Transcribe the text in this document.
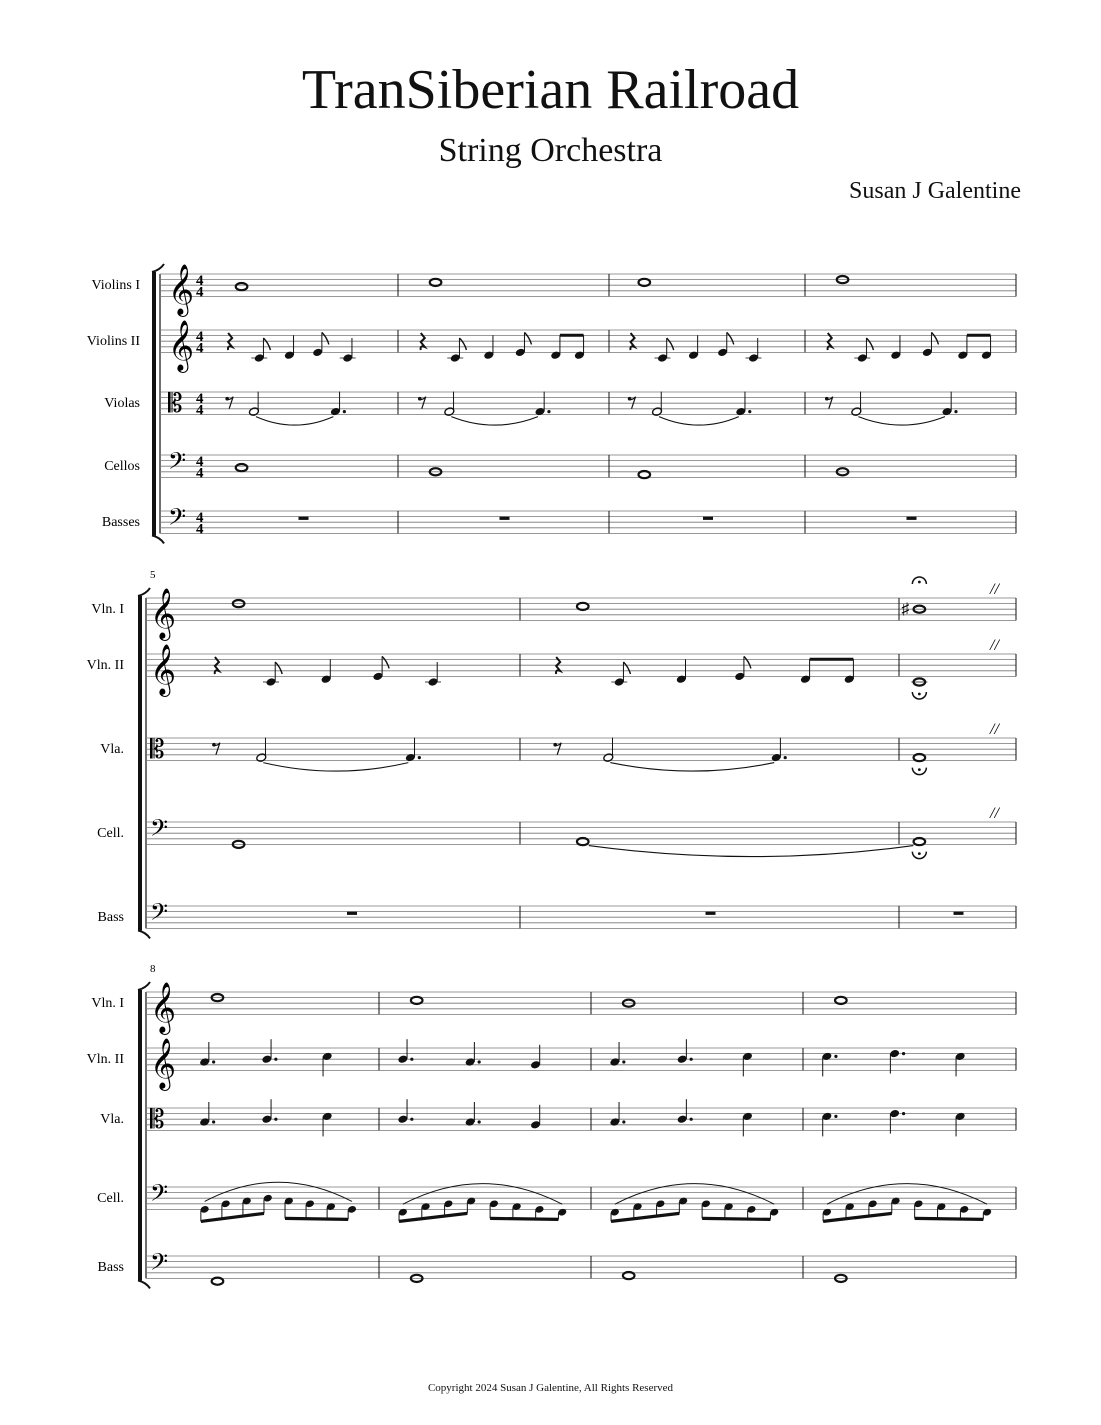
TranSiberian Railroad
String Orchestra
Susan J Galentine
Violins I 𝄞 4
4
Violins II 𝄞 4
4
Violas 𝄡 4
4
Cellos 𝄢 4
4
Basses 𝄢 4
4
5
Vln. I 𝄞	♯
//
Vln. II 𝄞	//
Vla. 𝄡
//
Cell. 𝄢
//
Bass 𝄢
8
Vln. I 𝄞
Vln. II 𝄞
Vla. 𝄡
Cell. 𝄢
Bass 𝄢
Copyright 2024 Susan J Galentine, All Rights Reserved
